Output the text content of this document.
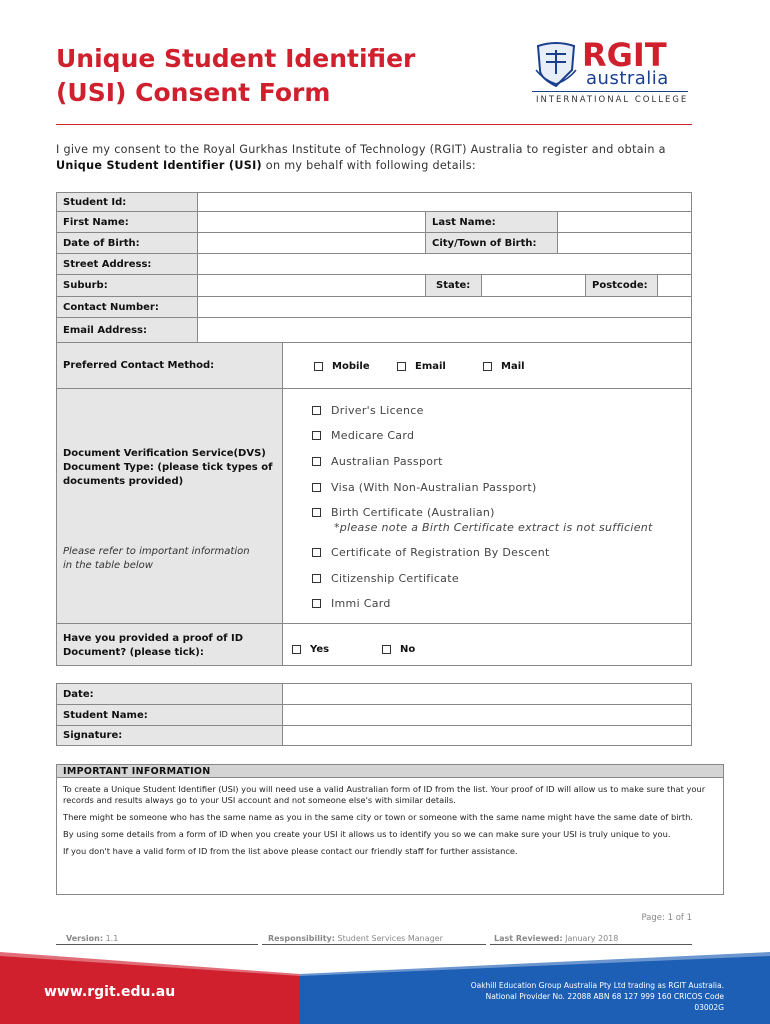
Unique Student Identifier
(USI) Consent Form
RGIT
australia
INTERNATIONAL COLLEGE
I give my consent to the Royal Gurkhas Institute of Technology (RGIT) Australia to register and obtain a
Unique Student Identifier (USI) on my behalf with following details:
Student Id:
First Name:	Last Name:
Date of Birth:	City/Town of Birth:
Street Address:
Suburb:	State:	Postcode:
Contact Number:
Email Address:
Preferred Contact Method:	Mobile	Email	Mail
Document Verification Service(DVS)
Document Type: (please tick types of
documents provided)
Please refer to important information
in the table below
Driver's Licence
Medicare Card
Australian Passport
Visa (With Non-Australian Passport)
Birth Certificate (Australian)
*please note a Birth Certificate extract is not sufficient
Certificate of Registration By Descent
Citizenship Certificate
Immi Card
Have you provided a proof of ID
Document? (please tick):	Yes	No
Date:
Student Name:
Signature:
IMPORTANT INFORMATION

To create a Unique Student Identifier (USI) you will need use a valid Australian form of ID from the list. Your proof of ID will allow us to make sure that your records and results always go to your USI account and not someone else's with similar details.

There might be someone who has the same name as you in the same city or town or someone with the same name might have the same date of birth.

By using some details from a form of ID when you create your USI it allows us to identify you so we can make sure your USI is truly unique to you.

If you don't have a valid form of ID from the list above please contact our friendly staff for further assistance.

Page: 1 of 1
Version: 1.1	Responsibility: Student Services Manager	Last Reviewed: January 2018
www.rgit.edu.au	Oakhill Education Group Australia Pty Ltd trading as RGIT Australia.
National Provider No. 22088 ABN 68 127 999 160 CRICOS Code 03002G
